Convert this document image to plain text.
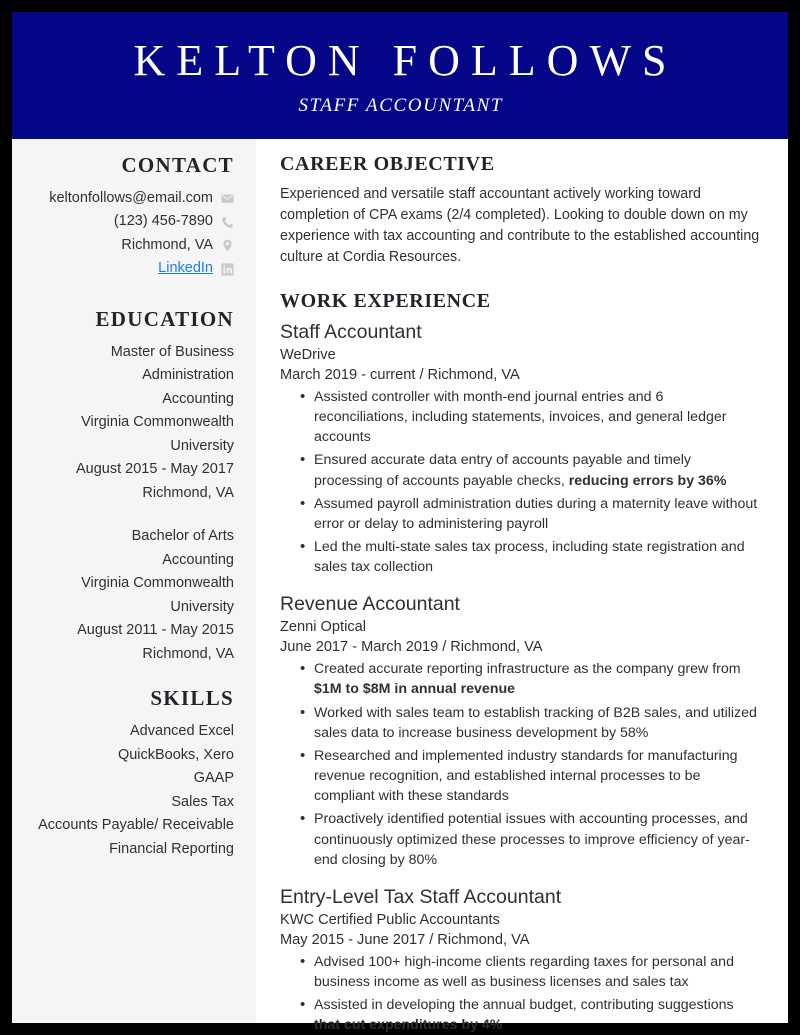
KELTON FOLLOWS
STAFF ACCOUNTANT
CONTACT
keltonfollows@email.com
(123) 456-7890
Richmond, VA
LinkedIn
EDUCATION
Master of Business Administration
Accounting
Virginia Commonwealth University
August 2015 - May 2017
Richmond, VA
Bachelor of Arts
Accounting
Virginia Commonwealth University
August 2011 - May 2015
Richmond, VA
SKILLS
Advanced Excel
QuickBooks, Xero
GAAP
Sales Tax
Accounts Payable/ Receivable
Financial Reporting
CAREER OBJECTIVE

Experienced and versatile staff accountant actively working toward completion of CPA exams (2/4 completed). Looking to double down on my experience with tax accounting and contribute to the established accounting culture at Cordia Resources.

WORK EXPERIENCE
Staff Accountant
WeDrive
March 2019 - current / Richmond, VA
• Assisted controller with month-end journal entries and 6 reconciliations, including statements, invoices, and general ledger accounts
• Ensured accurate data entry of accounts payable and timely processing of accounts payable checks, reducing errors by 36%
• Assumed payroll administration duties during a maternity leave without error or delay to administering payroll
• Led the multi-state sales tax process, including state registration and sales tax collection
Revenue Accountant
Zenni Optical
June 2017 - March 2019 / Richmond, VA
• Created accurate reporting infrastructure as the company grew from $1M to $8M in annual revenue
• Worked with sales team to establish tracking of B2B sales, and utilized sales data to increase business development by 58%
• Researched and implemented industry standards for manufacturing revenue recognition, and established internal processes to be compliant with these standards
• Proactively identified potential issues with accounting processes, and continuously optimized these processes to improve efficiency of year-end closing by 80%
Entry-Level Tax Staff Accountant
KWC Certified Public Accountants
May 2015 - June 2017 / Richmond, VA
• Advised 100+ high-income clients regarding taxes for personal and business income as well as business licenses and sales tax
• Assisted in developing the annual budget, contributing suggestions that cut expenditures by 4%
